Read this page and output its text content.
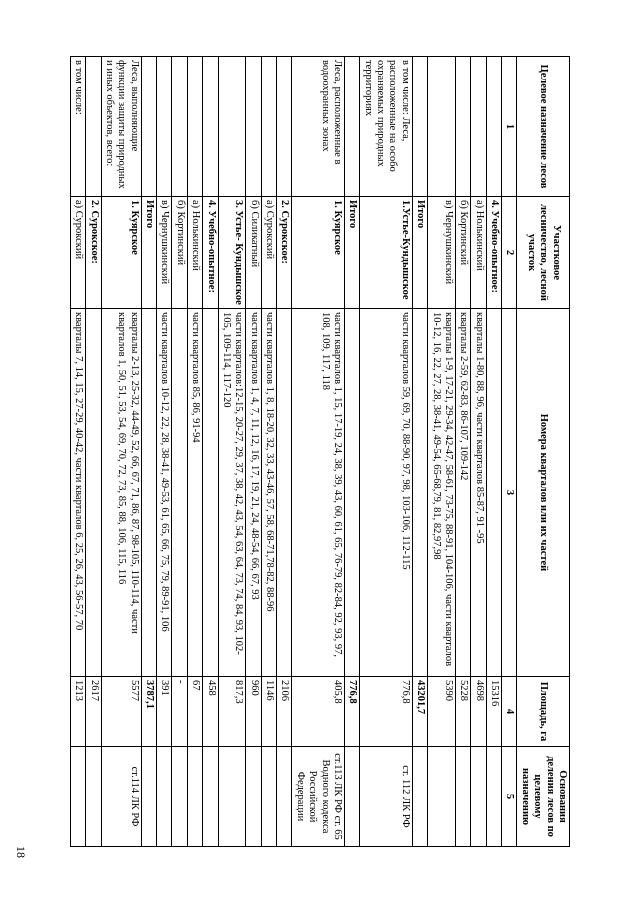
Целевое назначение лесов	Участковое лесничество, лесной участок	Номера кварталов или их частей	Площадь, га	Основания деления лесов по целевому назначению
1	2	3	4	5
	4. Учебно-опытное:		15316	
	а) Нолькинский	кварталы 1-80, 88, 96, части кварталов 85-87, 91 -95	4698	
	б) Кортинский	кварталы 2-59, 62-83, 86-107, 109-142	5228	
	в) Чернушкинский	кварталы 1-9, 17-21, 29-34, 42-47, 58-61, 73-75, 88-91, 104-106, части кварталов 10-12, 16, 22, 27, 28, 38-41, 49-54, 65-68,79, 81, 82,97,98	5390	
	Итого		43201,7	
в том числе: Леса, расположенные на особо охраняемых природных территориях	1.Устье-Кундышское	части кварталов 59, 69, 70, 88-90, 97, 98, 103-106, 112-115	776,8	ст. 112 ЛК РФ
	Итого		776,8	
Леса, расположенные в водоохранных зонах	1. Куярское	части кварталов 1, 15, 17-19, 24, 38, 39, 43, 60, 61, 65, 76-79, 82-84, 92, 93, 97, 108, 109, 117, 118	405,8	ст.113 ЛК РФ ст. 65 Водного кодекса Российской Федерации
	2. Сурокское:		2106	
	а) Сурокский	части кварталов 1, 8, 18-20, 32, 33, 43-46, 57, 58, 68-71,78-82, 88-96	1146	
	б) Силикатный	части кварталов 1, 4, 7, 11, 12, 16, 17, 19, 21, 24, 48-54, 66, 67, 93	960	
	3. Устье- Кундышское	части кварталов:12-15, 20-27, 29, 37, 38, 42, 43, 54, 63, 64, 73, 74, 84, 93, 102-105, 109-114, 117-120	817,3	
	4. Учебно-опытное:		458	
	а) Нолькинский	части кварталов 85, 86, 91-94	67	
	б) Кортинский		-	
	в) Чернушкинский	части кварталов 10-12, 22, 28, 38-41, 49-53, 61, 65, 66, 75, 79, 89-91, 106	391	
	Итого		3787,1	
Леса, выполняющие функции защиты природных и иных объектов, всего:	1. Куярское	кварталы 2-13, 25-32, 44-49, 52, 66, 67, 71, 86, 87, 98-105, 110-114, части кварталов 1, 50, 51, 53, 54, 69, 70, 72, 73, 85, 88, 106, 115, 116	5577	ст.114 ЛК РФ
	2. Сурокское:		2617	
в том числе:	а) Сурокский	кварталы 7, 14, 15, 27-29, 40-42, части кварталов 6, 25, 26, 43, 56-57, 70	1213	
18
